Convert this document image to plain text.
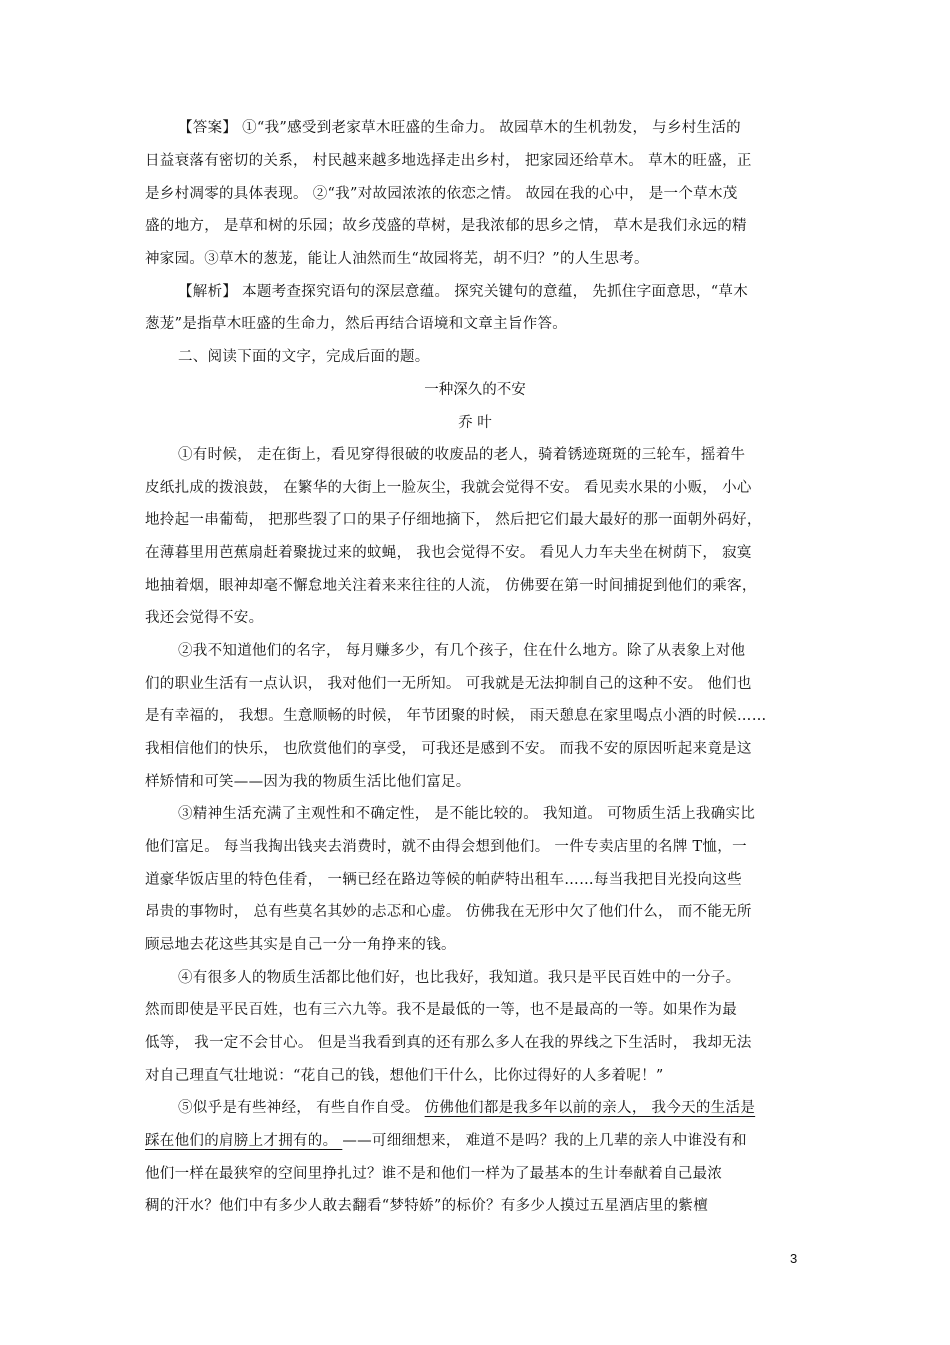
【答案】 ①“我”感受到老家草木旺盛的生命力。 故园草木的生机勃发， 与乡村生活的
日益衰落有密切的关系， 村民越来越多地选择走出乡村， 把家园还给草木。 草木的旺盛，正
是乡村凋零的具体表现。 ②“我”对故园浓浓的依恋之情。 故园在我的心中， 是一个草木茂
盛的地方， 是草和树的乐园；故乡茂盛的草树，是我浓郁的思乡之情， 草木是我们永远的精
神家园。③草木的葱茏，能让人油然而生“故园将芜，胡不归？”的人生思考。
【解析】 本题考查探究语句的深层意蕴。 探究关键句的意蕴， 先抓住字面意思，“草木
葱茏”是指草木旺盛的生命力，然后再结合语境和文章主旨作答。
二、阅读下面的文字，完成后面的题。
一种深久的不安
乔 叶
①有时候， 走在街上，看见穿得很破的收废品的老人，骑着锈迹斑斑的三轮车，摇着牛
皮纸扎成的拨浪鼓， 在繁华的大街上一脸灰尘，我就会觉得不安。 看见卖水果的小贩， 小心
地拎起一串葡萄， 把那些裂了口的果子仔细地摘下， 然后把它们最大最好的那一面朝外码好，
在薄暮里用芭蕉扇赶着聚拢过来的蚊蝇， 我也会觉得不安。 看见人力车夫坐在树荫下， 寂寞
地抽着烟，眼神却毫不懈怠地关注着来来往往的人流， 仿佛要在第一时间捕捉到他们的乘客，
我还会觉得不安。
②我不知道他们的名字， 每月赚多少，有几个孩子，住在什么地方。除了从表象上对他
们的职业生活有一点认识， 我对他们一无所知。 可我就是无法抑制自己的这种不安。 他们也
是有幸福的， 我想。生意顺畅的时候， 年节团聚的时候， 雨天憩息在家里喝点小酒的时候……
我相信他们的快乐， 也欣赏他们的享受， 可我还是感到不安。 而我不安的原因听起来竟是这
样矫情和可笑——因为我的物质生活比他们富足。
③精神生活充满了主观性和不确定性， 是不能比较的。 我知道。 可物质生活上我确实比
他们富足。 每当我掏出钱夹去消费时，就不由得会想到他们。 一件专卖店里的名牌 T恤，一
道豪华饭店里的特色佳肴， 一辆已经在路边等候的帕萨特出租车……每当我把目光投向这些
昂贵的事物时， 总有些莫名其妙的忐忑和心虚。 仿佛我在无形中欠了他们什么， 而不能无所
顾忌地去花这些其实是自己一分一角挣来的钱。
④有很多人的物质生活都比他们好，也比我好，我知道。我只是平民百姓中的一分子。
然而即使是平民百姓，也有三六九等。我不是最低的一等，也不是最高的一等。如果作为最
低等， 我一定不会甘心。 但是当我看到真的还有那么多人在我的界线之下生活时， 我却无法
对自己理直气壮地说：“花自己的钱，想他们干什么，比你过得好的人多着呢！”
⑤似乎是有些神经， 有些自作自受。 仿佛他们都是我多年以前的亲人， 我今天的生活是
踩在他们的肩膀上才拥有的。 ——可细细想来， 难道不是吗？我的上几辈的亲人中谁没有和
他们一样在最狭窄的空间里挣扎过？谁不是和他们一样为了最基本的生计奉献着自己最浓
稠的汗水？他们中有多少人敢去翻看“梦特娇”的标价？有多少人摸过五星酒店里的紫檀
3
